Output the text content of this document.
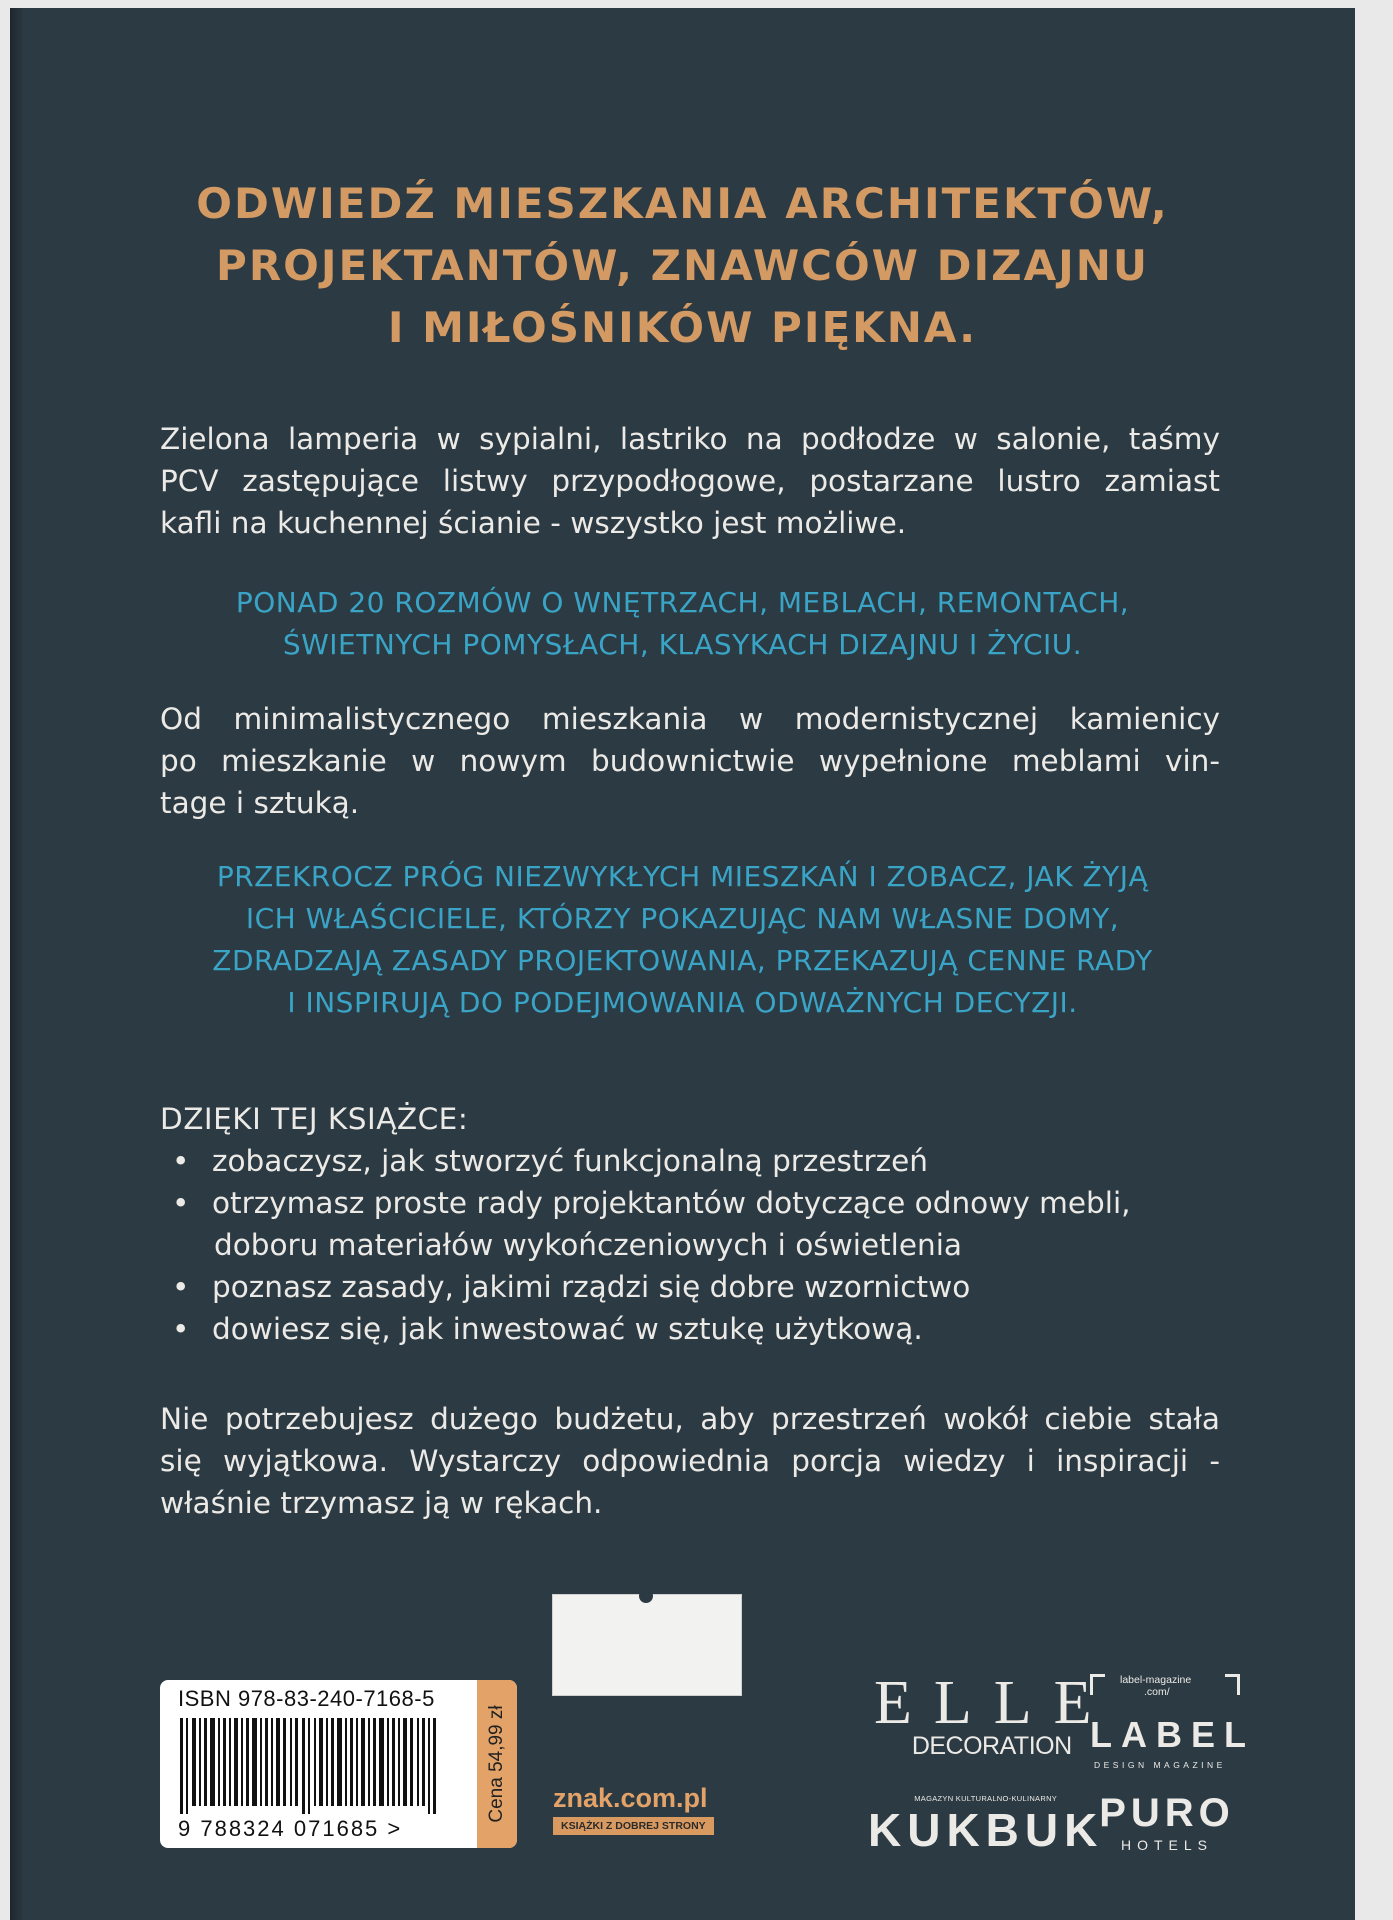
ODWIEDŹ MIESZKANIA ARCHITEKTÓW,
PROJEKTANTÓW, ZNAWCÓW DIZAJNU
I MIŁOŚNIKÓW PIĘKNA.
Zielona lamperia w sypialni, lastriko na podłodze w salonie, taśmy
PCV zastępujące listwy przypodłogowe, postarzane lustro zamiast
kafli na kuchennej ścianie - wszystko jest możliwe.
PONAD 20 ROZMÓW O WNĘTRZACH, MEBLACH, REMONTACH,
ŚWIETNYCH POMYSŁACH, KLASYKACH DIZAJNU I ŻYCIU.
Od minimalistycznego mieszkania w modernistycznej kamienicy
po mieszkanie w nowym budownictwie wypełnione meblami vin-
tage i sztuką.
PRZEKROCZ PRÓG NIEZWYKŁYCH MIESZKAŃ I ZOBACZ, JAK ŻYJĄ
ICH WŁAŚCICIELE, KTÓRZY POKAZUJĄC NAM WŁASNE DOMY,
ZDRADZAJĄ ZASADY PROJEKTOWANIA, PRZEKAZUJĄ CENNE RADY
I INSPIRUJĄ DO PODEJMOWANIA ODWAŻNYCH DECYZJI.
DZIĘKI TEJ KSIĄŻCE:
• zobaczysz, jak stworzyć funkcjonalną przestrzeń
• otrzymasz proste rady projektantów dotyczące odnowy mebli,
doboru materiałów wykończeniowych i oświetlenia
• poznasz zasady, jakimi rządzi się dobre wzornictwo
• dowiesz się, jak inwestować w sztukę użytkową.
Nie potrzebujesz dużego budżetu, aby przestrzeń wokół ciebie stała
się wyjątkowa. Wystarczy odpowiednia porcja wiedzy i inspiracji -
właśnie trzymasz ją w rękach.
ISBN 978-83-240-7168-5
9 788324 071685 >
Cena 54,99 zł znak.com.pl
KSIĄŻKI Z DOBREJ STRONY
ELLE
DECORATION
label-magazine
.com/
LABEL
DESIGN MAGAZINE
MAGAZYN KULTURALNO-KULINARNY
KUKBUK
PURO
HOTELS
